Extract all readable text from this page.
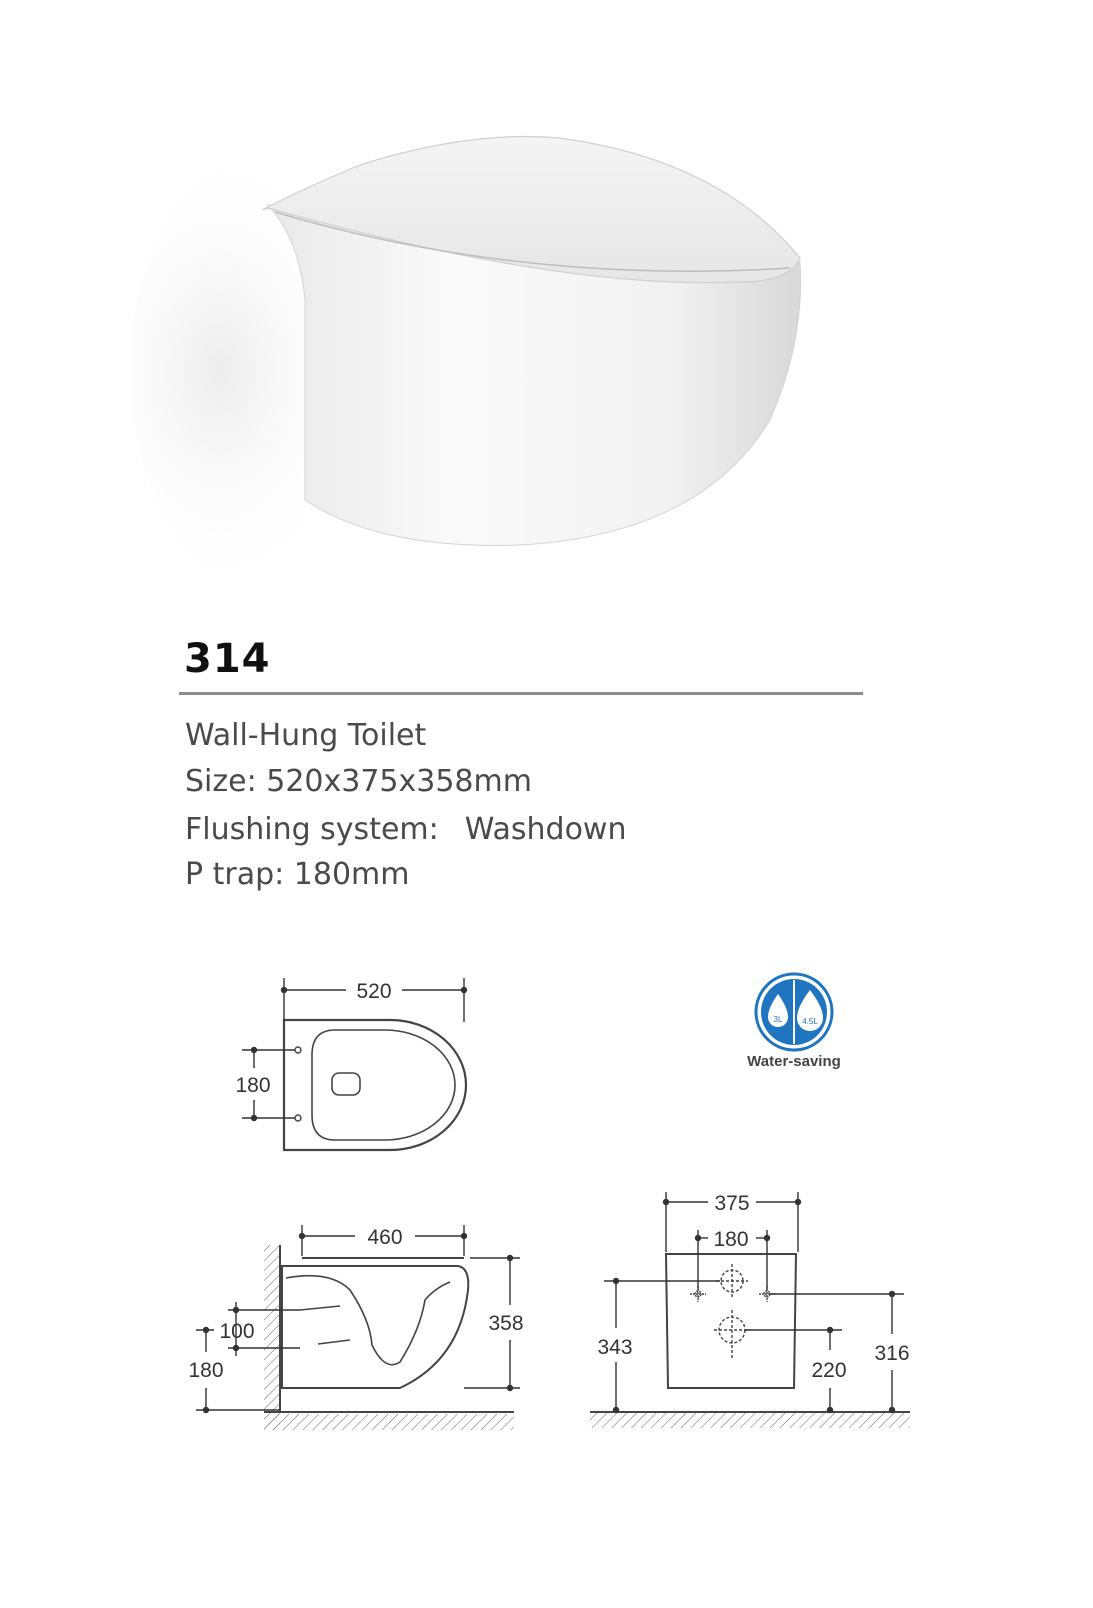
314
Wall-Hung Toilet
Size: 520x375x358mm
Flushing system: Washdown
P trap: 180mm
520
180
3L 4.5L
Water-saving
460
358
100
180
375
180
343
220
316
